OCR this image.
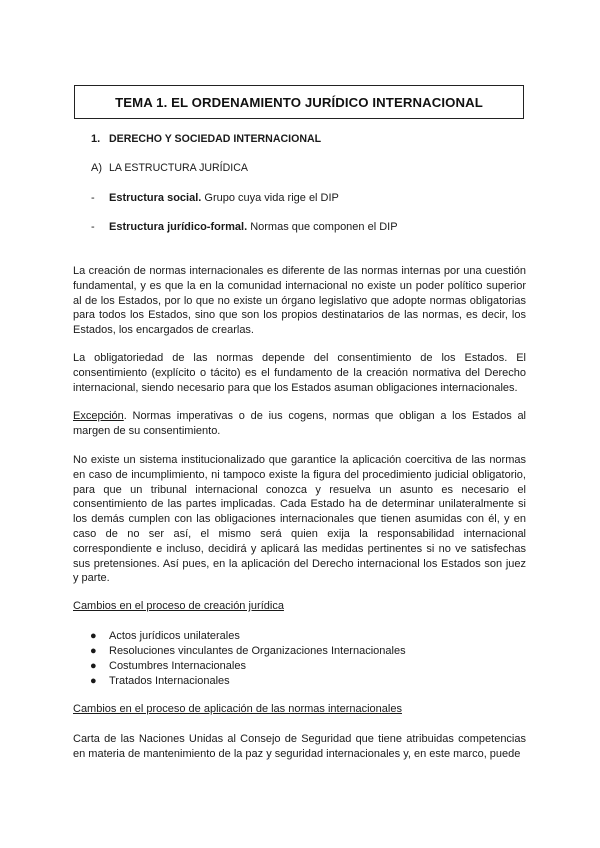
TEMA 1. EL ORDENAMIENTO JURÍDICO INTERNACIONAL
1. DERECHO Y SOCIEDAD INTERNACIONAL
A) LA ESTRUCTURA JURÍDICA
- Estructura social. Grupo cuya vida rige el DIP
- Estructura jurídico-formal. Normas que componen el DIP

La creación de normas internacionales es diferente de las normas internas por una cuestión fundamental, y es que la en la comunidad internacional no existe un poder político superior al de los Estados, por lo que no existe un órgano legislativo que adopte normas obligatorias para todos los Estados, sino que son los propios destinatarios de las normas, es decir, los Estados, los encargados de crearlas.

La obligatoriedad de las normas depende del consentimiento de los Estados. El consentimiento (explícito o tácito) es el fundamento de la creación normativa del Derecho internacional, siendo necesario para que los Estados asuman obligaciones internacionales.

Excepción. Normas imperativas o de ius cogens, normas que obligan a los Estados al margen de su consentimiento.

No existe un sistema institucionalizado que garantice la aplicación coercitiva de las normas en caso de incumplimiento, ni tampoco existe la figura del procedimiento judicial obligatorio, para que un tribunal internacional conozca y resuelva un asunto es necesario el consentimiento de las partes implicadas. Cada Estado ha de determinar unilateralmente si los demás cumplen con las obligaciones internacionales que tienen asumidas con él, y en caso de no ser así, el mismo será quien exija la responsabilidad internacional correspondiente e incluso, decidirá y aplicará las medidas pertinentes si no ve satisfechas sus pretensiones. Así pues, en la aplicación del Derecho internacional los Estados son juez y parte.

Cambios en el proceso de creación jurídica
● Actos jurídicos unilaterales
● Resoluciones vinculantes de Organizaciones Internacionales
● Costumbres Internacionales
● Tratados Internacionales
Cambios en el proceso de aplicación de las normas internacionales

Carta de las Naciones Unidas al Consejo de Seguridad que tiene atribuidas competencias en materia de mantenimiento de la paz y seguridad internacionales y, en este marco, puede
